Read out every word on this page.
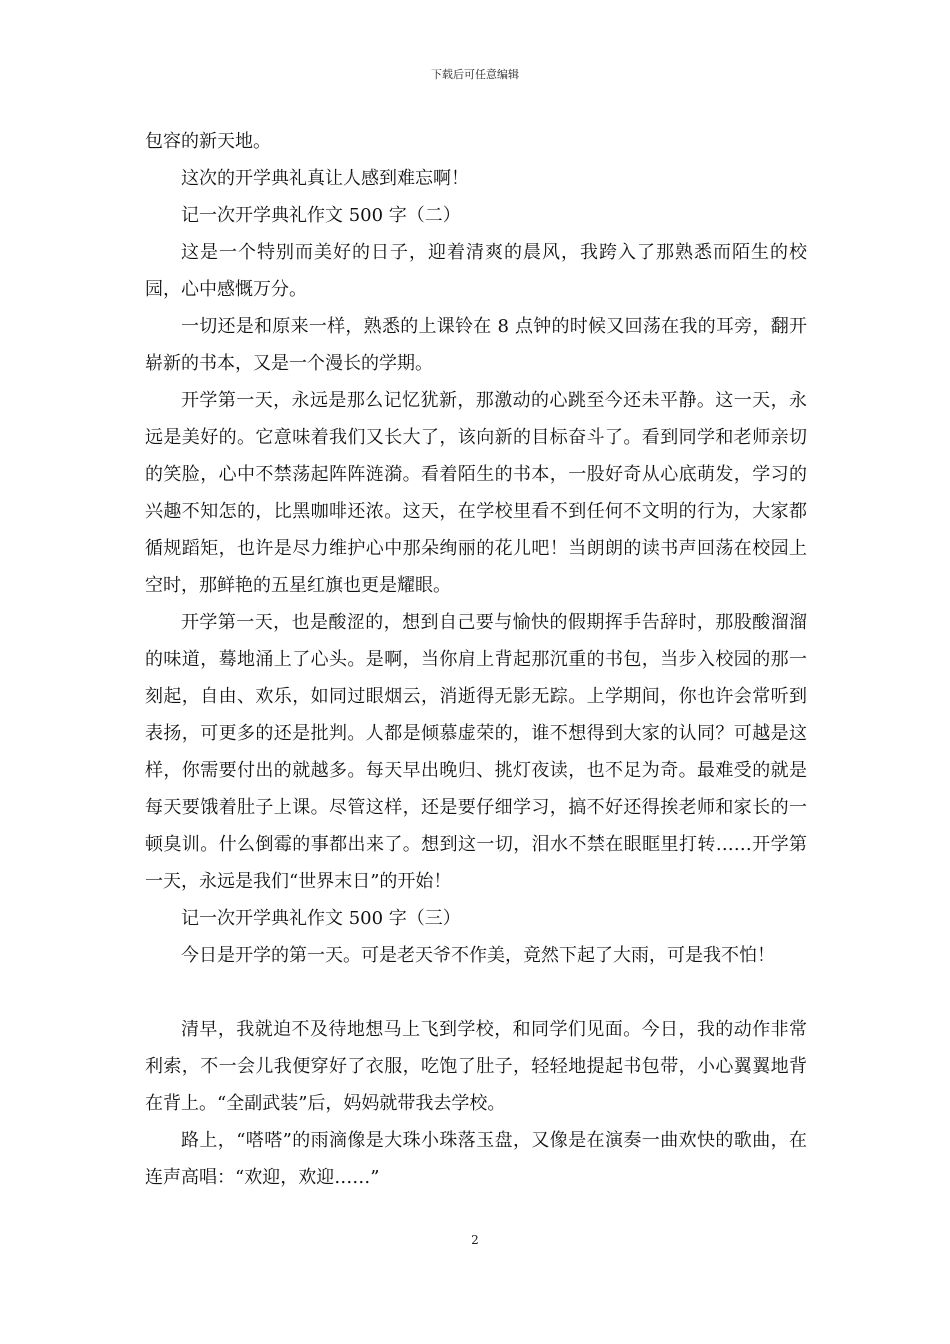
下载后可任意编辑

包容的新天地。

这次的开学典礼真让人感到难忘啊！

记一次开学典礼作文 500 字（二）

这是一个特别而美好的日子，迎着清爽的晨风，我跨入了那熟悉而陌生的校园，心中感慨万分。

一切还是和原来一样，熟悉的上课铃在 8 点钟的时候又回荡在我的耳旁，翻开崭新的书本，又是一个漫长的学期。

开学第一天，永远是那么记忆犹新，那激动的心跳至今还未平静。这一天，永远是美好的。它意味着我们又长大了，该向新的目标奋斗了。看到同学和老师亲切的笑脸，心中不禁荡起阵阵涟漪。看着陌生的书本，一股好奇从心底萌发，学习的兴趣不知怎的，比黑咖啡还浓。这天，在学校里看不到任何不文明的行为，大家都循规蹈矩，也许是尽力维护心中那朵绚丽的花儿吧！当朗朗的读书声回荡在校园上空时，那鲜艳的五星红旗也更是耀眼。

开学第一天，也是酸涩的，想到自己要与愉快的假期挥手告辞时，那股酸溜溜的味道，蓦地涌上了心头。是啊，当你肩上背起那沉重的书包，当步入校园的那一刻起，自由、欢乐，如同过眼烟云，消逝得无影无踪。上学期间，你也许会常听到表扬，可更多的还是批判。人都是倾慕虚荣的，谁不想得到大家的认同？可越是这样，你需要付出的就越多。每天早出晚归、挑灯夜读，也不足为奇。最难受的就是每天要饿着肚子上课。尽管这样，还是要仔细学习，搞不好还得挨老师和家长的一顿臭训。什么倒霉的事都出来了。想到这一切，泪水不禁在眼眶里打转……开学第一天，永远是我们“世界末日”的开始！

记一次开学典礼作文 500 字（三）

今日是开学的第一天。可是老天爷不作美，竟然下起了大雨，可是我不怕！

清早，我就迫不及待地想马上飞到学校，和同学们见面。今日，我的动作非常利索，不一会儿我便穿好了衣服，吃饱了肚子，轻轻地提起书包带，小心翼翼地背在背上。“全副武装”后，妈妈就带我去学校。

路上，“嗒嗒”的雨滴像是大珠小珠落玉盘，又像是在演奏一曲欢快的歌曲，在连声高唱：“欢迎，欢迎……”

2
